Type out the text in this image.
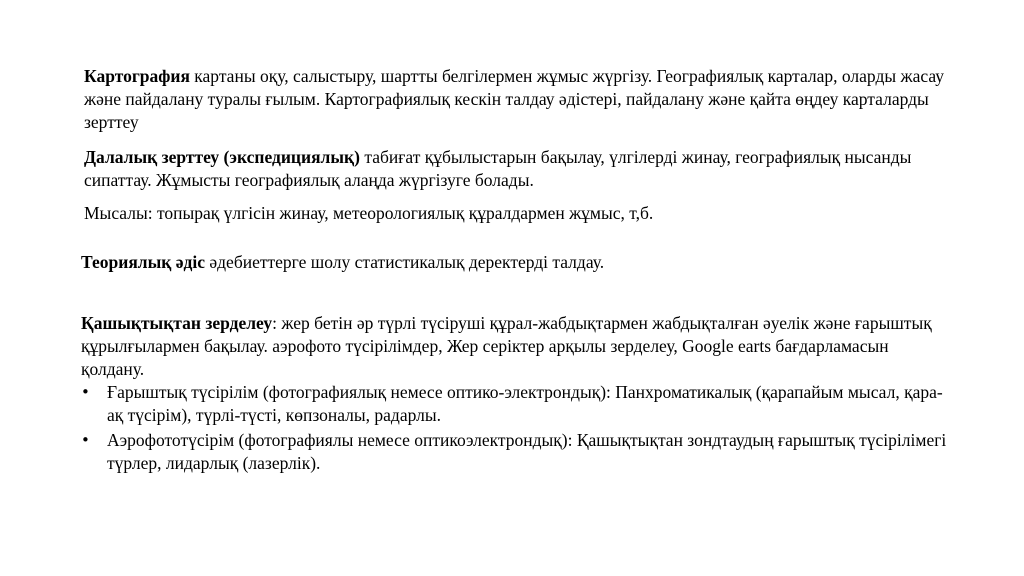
Картография картаны оқу, салыстыру, шартты белгілермен жұмыс жүргізу. Географиялық карталар, оларды жасау және пайдалану туралы ғылым. Картографиялық кескін талдау әдістері, пайдалану және қайта өңдеу карталарды зерттеу

Далалық зерттеу (экспедициялық) табиғат құбылыстарын бақылау, үлгілерді жинау, географиялық нысанды сипаттау. Жұмысты географиялық алаңда жүргізуге болады.

Мысалы: топырақ үлгісін жинау, метеорологиялық құралдармен жұмыс, т,б.

Теориялық әдіс әдебиеттерге шолу статистикалық деректерді талдау.

Қашықтықтан зерделеу: жер бетін әр түрлі түсіруші құрал-жабдықтармен жабдықталған әуелік және ғарыштық құрылғылармен бақылау. аэрофото түсірілімдер, Жер серіктер арқылы зерделеу, Google earts бағдарламасын қолдану.

• Ғарыштық түсірілім (фотографиялық немесе оптико-электрондық): Панхроматикалық (қарапайым мысал, қара-ақ түсірім), түрлі-түсті, көпзоналы, радарлы.
• Аэрофототүсірім (фотографиялы немесе оптикоэлектрондық): Қашықтықтан зондтаудың ғарыштық түсірілімегі түрлер, лидарлық (лазерлік).
